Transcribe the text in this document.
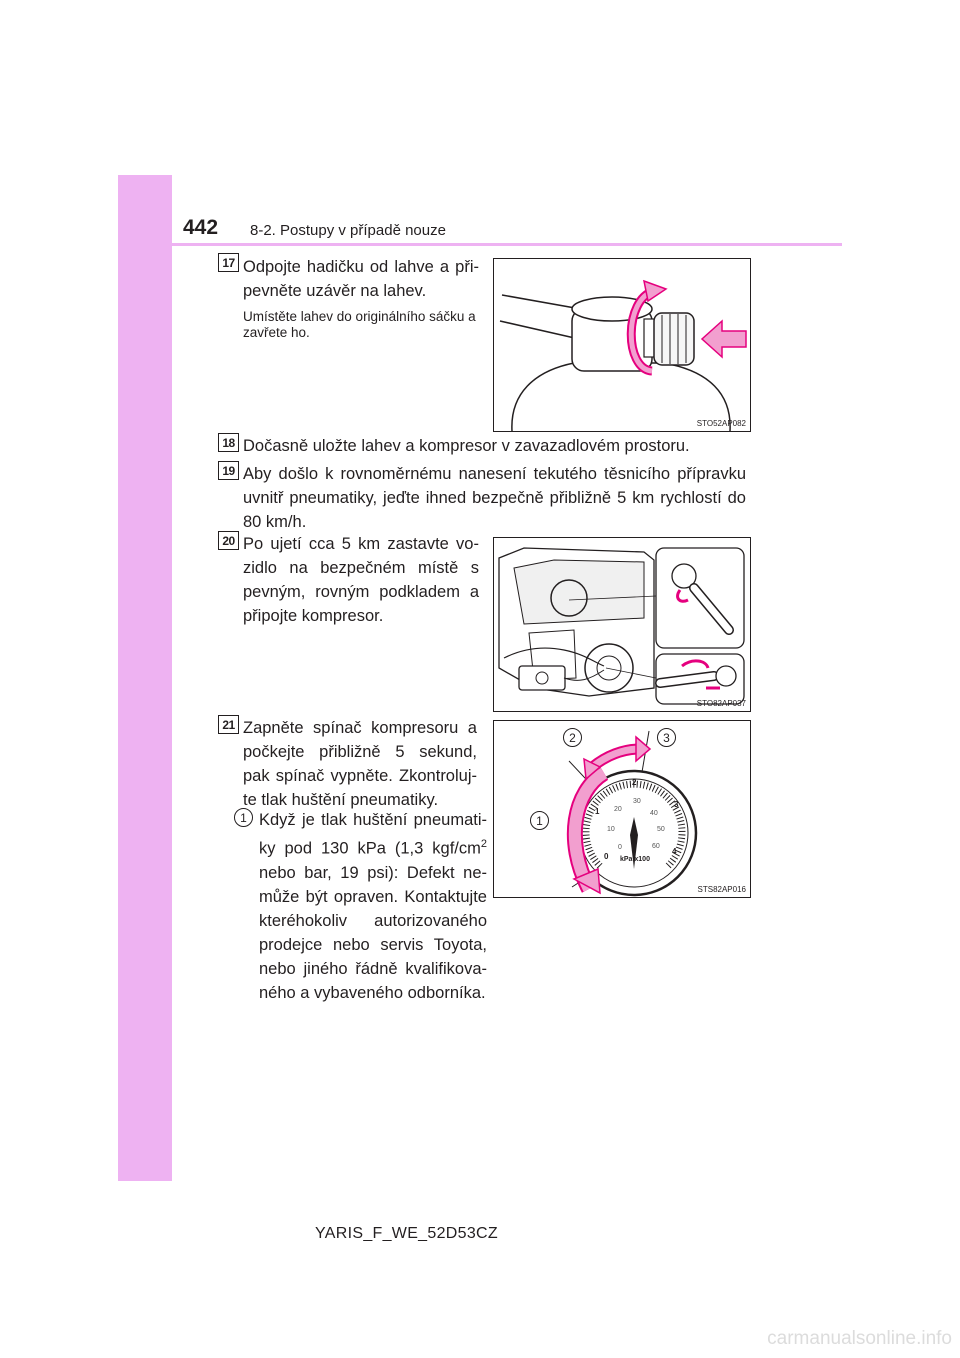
442 8-2. Postupy v případě nouze
17 Odpojte hadičku od lahve a připevněte uzávěr na lahev.
Umístěte lahev do originálního sáčku a zavřete ho.
STO52AP082
18 Dočasně uložte lahev a kompresor v zavazadlovém prostoru.
19 Aby došlo k rovnoměrnému nanesení tekutého těsnicího přípravku uvnitř pneumatiky, jeďte ihned bezpečně přibližně 5 km rychlostí do 80 km/h.
20 Po ujetí cca 5 km zastavte vozidlo na bezpečném místě s pevným, rovným podkladem a připojte kompresor.
STO82AP037
21 Zapněte spínač kompresoru a počkejte přibližně 5 sekund, pak spínač vypněte. Zkontrolujte tlak huštění pneumatiky.
1 Když je tlak huštění pneumatiky pod 130 kPa (1,3 kgf/$cm^2$ nebo bar, 19 psi): Defekt nemůže být opraven. Kontaktujte kteréhokoliv autorizovaného prodejce nebo servis Toyota, nebo jiného řádně kvalifikovaného a vybaveného odborníka.
0
1
2
3
4
0
10
20
30
40
50
60
kPa x100
1
2	3
STS82AP016
YARIS_F_WE_52D53CZ
carmanualsonline.info
